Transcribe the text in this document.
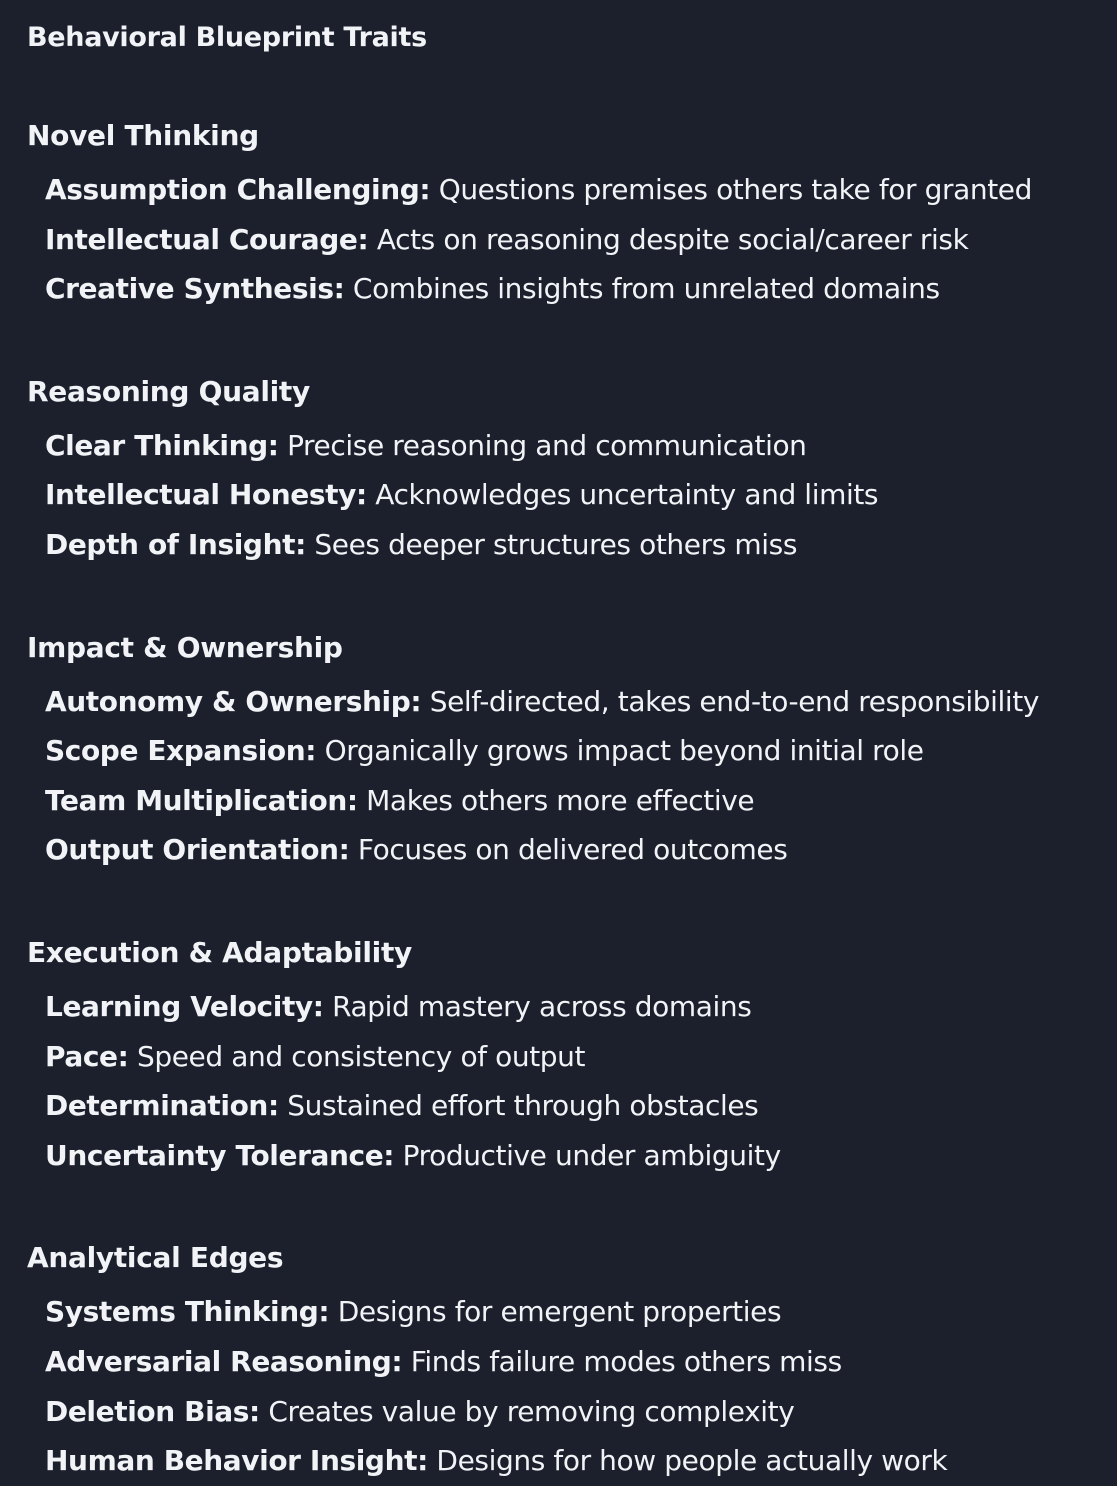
Behavioral Blueprint Traits
Novel Thinking
Assumption Challenging: Questions premises others take for granted
Intellectual Courage: Acts on reasoning despite social/career risk
Creative Synthesis: Combines insights from unrelated domains
Reasoning Quality
Clear Thinking: Precise reasoning and communication
Intellectual Honesty: Acknowledges uncertainty and limits
Depth of Insight: Sees deeper structures others miss
Impact & Ownership
Autonomy & Ownership: Self-directed, takes end-to-end responsibility
Scope Expansion: Organically grows impact beyond initial role
Team Multiplication: Makes others more effective
Output Orientation: Focuses on delivered outcomes
Execution & Adaptability
Learning Velocity: Rapid mastery across domains
Pace: Speed and consistency of output
Determination: Sustained effort through obstacles
Uncertainty Tolerance: Productive under ambiguity
Analytical Edges
Systems Thinking: Designs for emergent properties
Adversarial Reasoning: Finds failure modes others miss
Deletion Bias: Creates value by removing complexity
Human Behavior Insight: Designs for how people actually work
